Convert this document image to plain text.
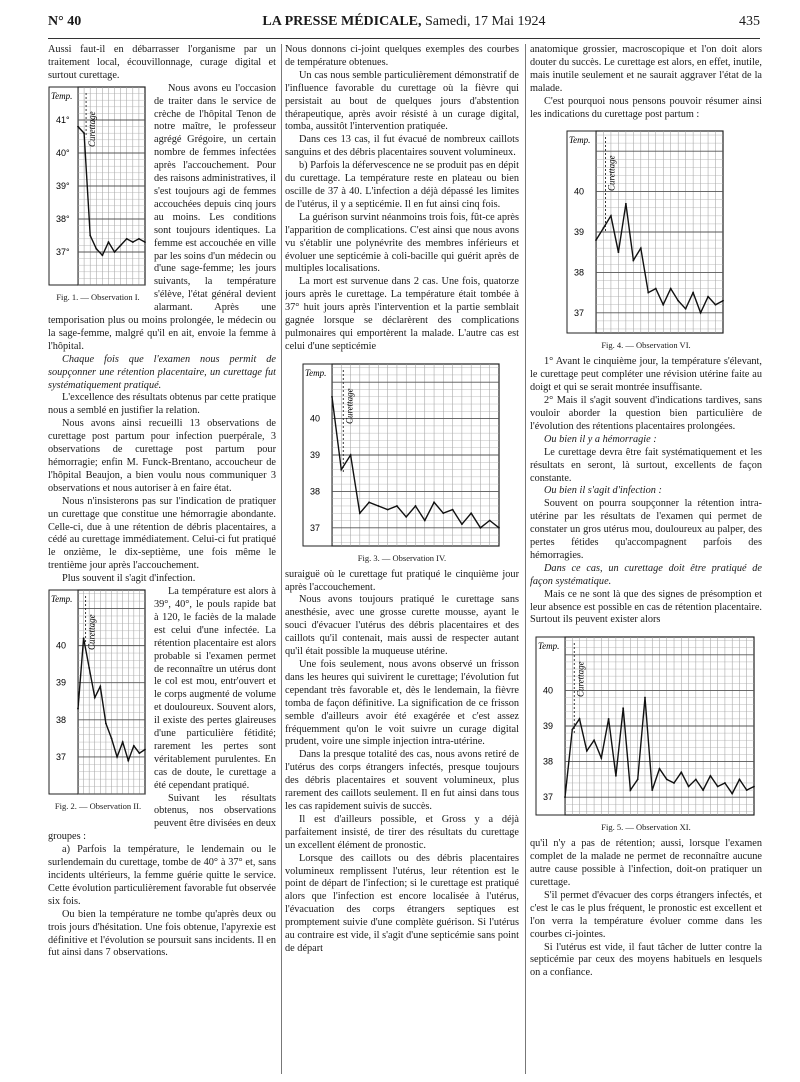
N° 40	LA PRESSE MÉDICALE, Samedi, 17 Mai 1924	435

Aussi faut-il en débarrasser l'organisme par un traitement local, écouvillonnage, curage digital et surtout curettage.

Temp.
41°
40°
39°
38°
37°
Curettage
Fig. 1. — Observation I.

Nous avons eu l'occasion de traiter dans le service de crèche de l'hôpital Tenon de notre maître, le professeur agrégé Grégoire, un certain nombre de femmes infectées après l'accouchement. Pour des raisons administratives, il s'est toujours agi de femmes accouchées depuis cinq jours au moins. Les conditions sont toujours identiques. La femme est accouchée en ville par les soins d'un médecin ou d'une sage-femme; les jours suivants, la température s'élève, l'état général devient alarmant. Après une temporisation plus ou moins prolongée, le médecin ou la sage-femme, malgré qu'il en ait, envoie la femme à l'hôpital.

Chaque fois que l'examen nous permit de soupçonner une rétention placentaire, un curettage fut systématiquement pratiqué.

L'excellence des résultats obtenus par cette pratique nous a semblé en justifier la relation.

Nous avons ainsi recueilli 13 observations de curettage post partum pour infection puerpérale, 3 observations de curettage post partum pour hémorragie; enfin M. Funck-Brentano, accoucheur de l'hôpital Beaujon, a bien voulu nous communiquer 3 observations et nous autoriser à en faire état.

Nous n'insisterons pas sur l'indication de pratiquer un curettage que constitue une hémorragie abondante. Celle-ci, due à une rétention de débris placentaires, a cédé au curettage immédiatement. Celui-ci fut pratiqué le onzième, le dix-septième, une fois même le trentième jour après l'accouchement.

Plus souvent il s'agit d'infection.

Temp.
40
39
38
37
Curettage
Fig. 2. — Observation II.

La température est alors à 39°, 40°, le pouls rapide bat à 120, le faciès de la malade est celui d'une infectée. La rétention placentaire est alors probable si l'examen permet de reconnaître un utérus dont le col est mou, entr'ouvert et le corps augmenté de volume et douloureux. Souvent alors, il existe des pertes glaireuses d'une particulière fétidité; rarement les pertes sont véritablement purulentes. En cas de doute, le curettage a été cependant pratiqué.

Suivant les résultats obtenus, nos observations peuvent être divisées en deux groupes :

a) Parfois la température, le lendemain ou le surlendemain du curettage, tombe de 40° à 37° et, sans incidents ultérieurs, la femme guérie quitte le service. Cette évolution particulièrement favorable fut observée six fois.

Ou bien la température ne tombe qu'après deux ou trois jours d'hésitation. Une fois obtenue, l'apyrexie est définitive et l'évolution se poursuit sans incidents. Il en fut ainsi dans 7 observations.

Nous donnons ci-joint quelques exemples des courbes de température obtenues.

Un cas nous semble particulièrement démonstratif de l'influence favorable du curettage où la fièvre qui persistait au bout de quelques jours d'abstention thérapeutique, après avoir résisté à un curage digital, tomba, aussitôt l'intervention pratiquée.

Dans ces 13 cas, il fut évacué de nombreux caillots sanguins et des débris placentaires souvent volumineux.

b) Parfois la défervescence ne se produit pas en dépit du curettage. La température reste en plateau ou bien oscille de 37 à 40. L'infection a déjà dépassé les limites de l'utérus, il y a septicémie. Il en fut ainsi cinq fois.

La guérison survint néanmoins trois fois, fût-ce après l'apparition de complications. C'est ainsi que nous avons vu s'établir une polynévrite des membres inférieurs et évoluer une septicémie à coli-bacille qui guérit après de multiples localisations.

La mort est survenue dans 2 cas. Une fois, quatorze jours après le curettage. La température était tombée à 37° huit jours après l'intervention et la partie semblait gagnée lorsque se déclarèrent des complications pulmonaires qui emportèrent la malade. L'autre cas est celui d'une septicémie

Temp.
40
39
38
37
Curettage
Fig. 3. — Observation IV.

suraiguë où le curettage fut pratiqué le cinquième jour après l'accouchement.

Nous avons toujours pratiqué le curettage sans anesthésie, avec une grosse curette mousse, ayant le souci d'évacuer l'utérus des débris placentaires et des caillots qu'il contenait, mais aussi de respecter autant qu'il était possible la muqueuse utérine.

Une fois seulement, nous avons observé un frisson dans les heures qui suivirent le curettage; l'évolution fut cependant très favorable et, dès le lendemain, la fièvre tomba de façon définitive. La signification de ce frisson semble d'ailleurs avoir été exagérée et c'est assez fréquemment qu'on le voit suivre un curage digital prudent, voire une simple injection intra-utérine.

Dans la presque totalité des cas, nous avons retiré de l'utérus des corps étrangers infectés, presque toujours des débris placentaires et souvent volumineux, plus rarement des caillots seulement. Il en fut ainsi dans tous les cas rapidement suivis de succès.

Il est d'ailleurs possible, et Gross y a déjà parfaitement insisté, de tirer des résultats du curettage un excellent élément de pronostic.

Lorsque des caillots ou des débris placentaires volumineux remplissent l'utérus, leur rétention est le point de départ de l'infection; si le curettage est pratiqué alors que l'infection est encore localisée à l'utérus, l'évacuation des corps étrangers septiques est promptement suivie d'une complète guérison. Si l'utérus au contraire est vide, il s'agit d'une septicémie sans point de départ

anatomique grossier, macroscopique et l'on doit alors douter du succès. Le curettage est alors, en effet, inutile, mais inutile seulement et ne saurait aggraver l'état de la malade.

C'est pourquoi nous pensons pouvoir résumer ainsi les indications du curettage post partum :

Temp.
40
39
38
37
Curettage
Fig. 4. — Observation VI.

1° Avant le cinquième jour, la température s'élevant, le curettage peut compléter une révision utérine faite au doigt et qui se serait montrée insuffisante.

2° Mais il s'agit souvent d'indications tardives, sans vouloir aborder la question bien particulière de l'évolution des rétentions placentaires prolongées.

Ou bien il y a hémorragie :

Le curettage devra être fait systématiquement et les résultats en seront, là surtout, excellents de façon constante.

Ou bien il s'agit d'infection :

Souvent on pourra soupçonner la rétention intra-utérine par les résultats de l'examen qui permet de constater un gros utérus mou, douloureux au palper, des pertes fétides qu'accompagnent parfois des hémorragies.

Dans ce cas, un curettage doit être pratiqué de façon systématique.

Mais ce ne sont là que des signes de présomption et leur absence est possible en cas de rétention placentaire. Surtout ils peuvent exister alors

Temp.
40
39
38
37
Curettage
Fig. 5. — Observation XI.

qu'il n'y a pas de rétention; aussi, lorsque l'examen complet de la malade ne permet de reconnaître aucune autre cause possible à l'infection, doit-on pratiquer un curettage.

S'il permet d'évacuer des corps étrangers infectés, et c'est le cas le plus fréquent, le pronostic est excellent et l'on verra la température évoluer comme dans les courbes ci-jointes.

Si l'utérus est vide, il faut tâcher de lutter contre la septicémie par ceux des moyens habituels en lesquels on a confiance.
